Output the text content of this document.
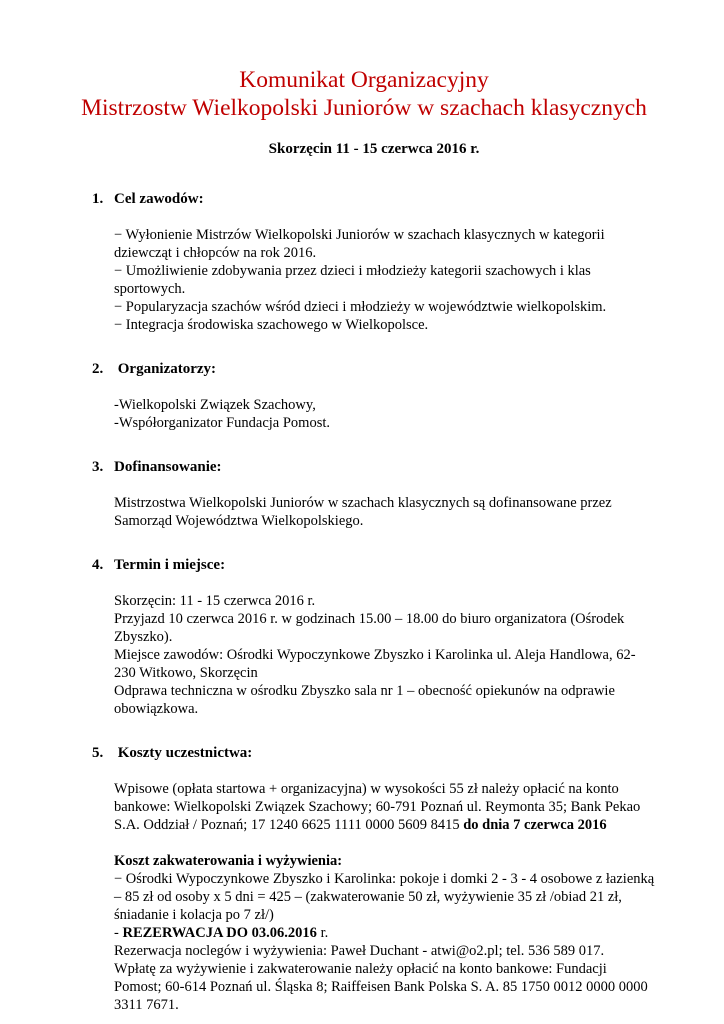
Komunikat Organizacyjny
Mistrzostw Wielkopolski Juniorów w szachach klasycznych
Skorzęcin 11 - 15 czerwca 2016 r.
1. Cel zawodów:

− Wyłonienie Mistrzów Wielkopolski Juniorów w szachach klasycznych w kategorii dziewcząt i chłopców na rok 2016.

− Umożliwienie zdobywania przez dzieci i młodzieży kategorii szachowych i klas sportowych.

− Popularyzacja szachów wśród dzieci i młodzieży w województwie wielkopolskim.

− Integracja środowiska szachowego w Wielkopolsce.

2. Organizatorzy:

-Wielkopolski Związek Szachowy,

-Współorganizator Fundacja Pomost.

3. Dofinansowanie:

Mistrzostwa Wielkopolski Juniorów w szachach klasycznych są dofinansowane przez Samorząd Województwa Wielkopolskiego.

4. Termin i miejsce:

Skorzęcin: 11 - 15 czerwca 2016 r.

Przyjazd 10 czerwca 2016 r. w godzinach 15.00 – 18.00 do biuro organizatora (Ośrodek Zbyszko).

Miejsce zawodów: Ośrodki Wypoczynkowe Zbyszko i Karolinka ul. Aleja Handlowa, 62-230 Witkowo, Skorzęcin

Odprawa techniczna w ośrodku Zbyszko sala nr 1 – obecność opiekunów na odprawie obowiązkowa.

5. Koszty uczestnictwa:

Wpisowe (opłata startowa + organizacyjna) w wysokości 55 zł należy opłacić na konto bankowe: Wielkopolski Związek Szachowy; 60-791 Poznań ul. Reymonta 35; Bank Pekao S.A. Oddział / Poznań; 17 1240 6625 1111 0000 5609 8415 do dnia 7 czerwca 2016

Koszt zakwaterowania i wyżywienia:

− Ośrodki Wypoczynkowe Zbyszko i Karolinka: pokoje i domki 2 - 3 - 4 osobowe z łazienką – 85 zł od osoby x 5 dni = 425 – (zakwaterowanie 50 zł, wyżywienie 35 zł /obiad 21 zł, śniadanie i kolacja po 7 zł/)

- REZERWACJA DO 03.06.2016 r.

Rezerwacja noclegów i wyżywienia: Paweł Duchant - atwi@o2.pl; tel. 536 589 017.

Wpłatę za wyżywienie i zakwaterowanie należy opłacić na konto bankowe: Fundacji Pomost; 60-614 Poznań ul. Śląska 8; Raiffeisen Bank Polska S. A. 85 1750 0012 0000 0000 3311 7671.
